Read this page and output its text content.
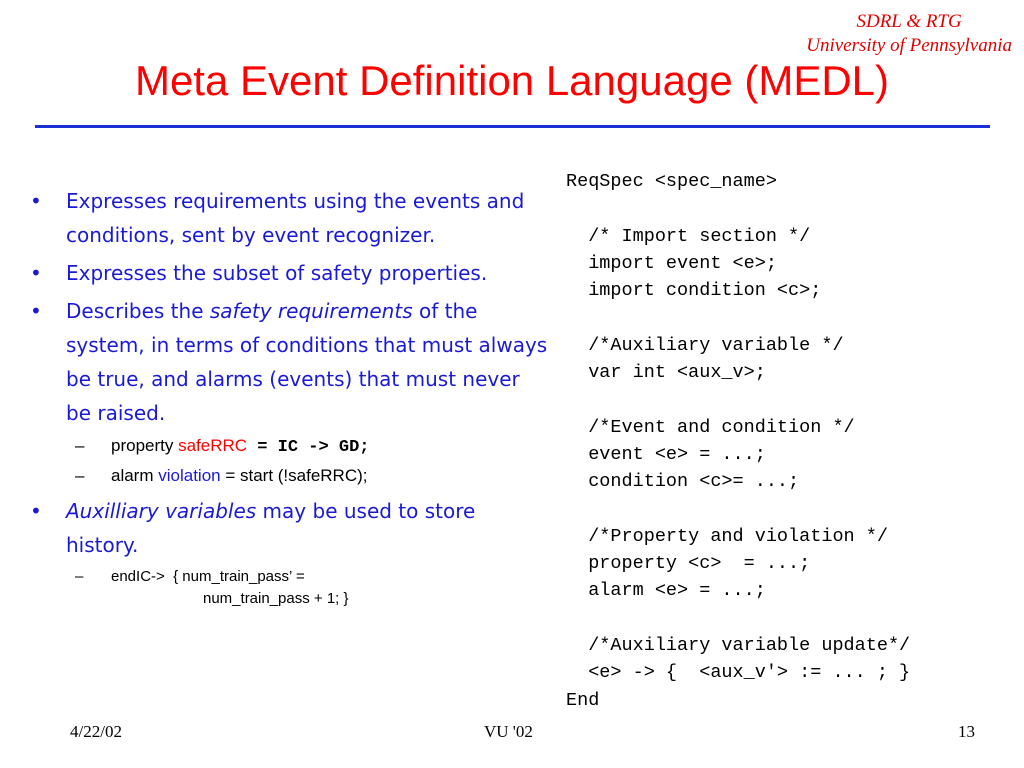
SDRL & RTG
University of Pennsylvania
Meta Event Definition Language (MEDL)
•	Expresses requirements using the events and conditions, sent by event recognizer.
•	Expresses the subset of safety properties.
•	Describes the safety requirements of the system, in terms of conditions that must always be true, and alarms (events) that must never be raised.
–	property safeRRC = IC -> GD;
–	alarm violation = start (!safeRRC);
•	Auxilliary variables may be used to store history.
–	endIC->  { num_train_pass’ =
num_train_pass + 1; }
ReqSpec <spec_name>

/* Import section */
import event <e>;
import condition <c>;

/*Auxiliary variable */
var int <aux_v>;

/*Event and condition */
event <e> = ...;
condition <c>= ...;

/*Property and violation */
property <c>  = ...;
alarm <e> = ...;

/*Auxiliary variable update*/
<e> -> {  <aux_v'> := ... ; }
End
4/22/02	VU '02	13
